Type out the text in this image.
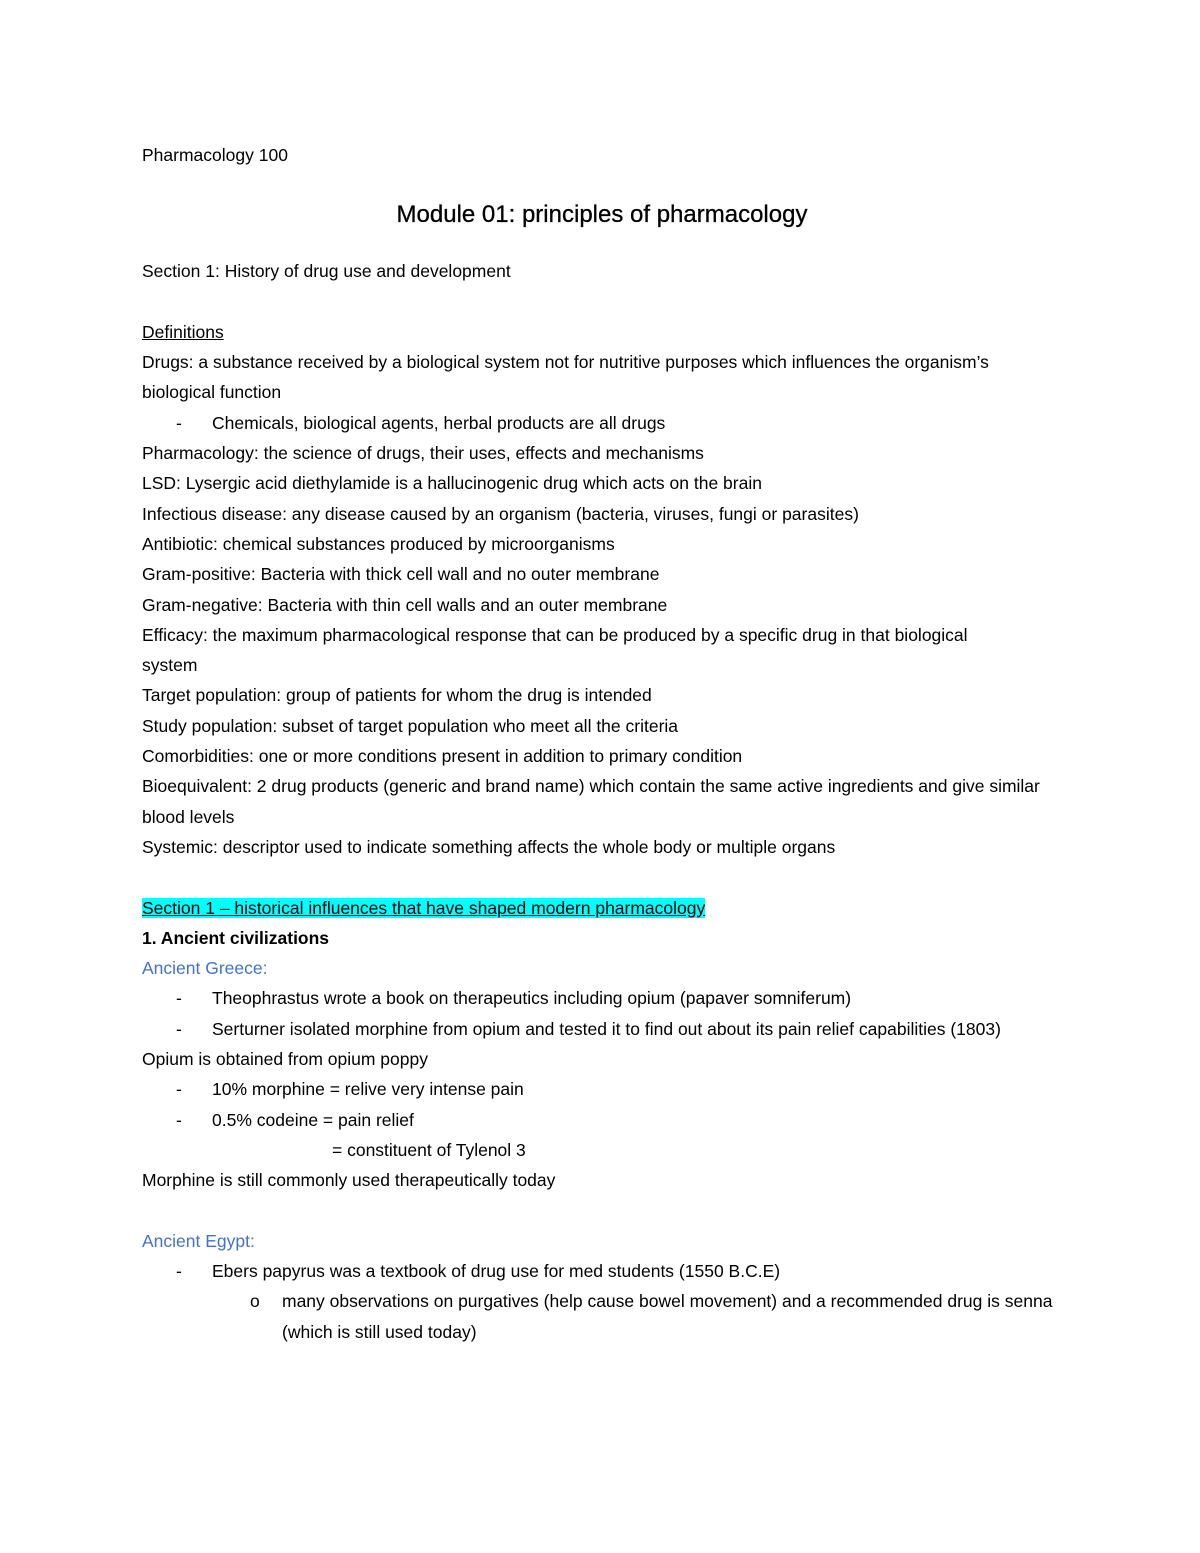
Pharmacology 100
Module 01: principles of pharmacology
Section 1: History of drug use and development
Definitions
Drugs: a substance received by a biological system not for nutritive purposes which influences the organism’s biological function
- Chemicals, biological agents, herbal products are all drugs
Pharmacology: the science of drugs, their uses, effects and mechanisms
LSD: Lysergic acid diethylamide is a hallucinogenic drug which acts on the brain
Infectious disease: any disease caused by an organism (bacteria, viruses, fungi or parasites)
Antibiotic: chemical substances produced by microorganisms
Gram-positive: Bacteria with thick cell wall and no outer membrane
Gram-negative: Bacteria with thin cell walls and an outer membrane
Efficacy: the maximum pharmacological response that can be produced by a specific drug in that biological system
Target population: group of patients for whom the drug is intended
Study population: subset of target population who meet all the criteria
Comorbidities: one or more conditions present in addition to primary condition
Bioequivalent: 2 drug products (generic and brand name) which contain the same active ingredients and give similar blood levels
Systemic: descriptor used to indicate something affects the whole body or multiple organs
Section 1 – historical influences that have shaped modern pharmacology
1. Ancient civilizations
Ancient Greece:
- Theophrastus wrote a book on therapeutics including opium (papaver somniferum)
- Serturner isolated morphine from opium and tested it to find out about its pain relief capabilities (1803)
Opium is obtained from opium poppy
- 10% morphine = relive very intense pain
- 0.5% codeine = pain relief
= constituent of Tylenol 3
Morphine is still commonly used therapeutically today
Ancient Egypt:
- Ebers papyrus was a textbook of drug use for med students (1550 B.C.E)
o many observations on purgatives (help cause bowel movement) and a recommended drug is senna (which is still used today)
